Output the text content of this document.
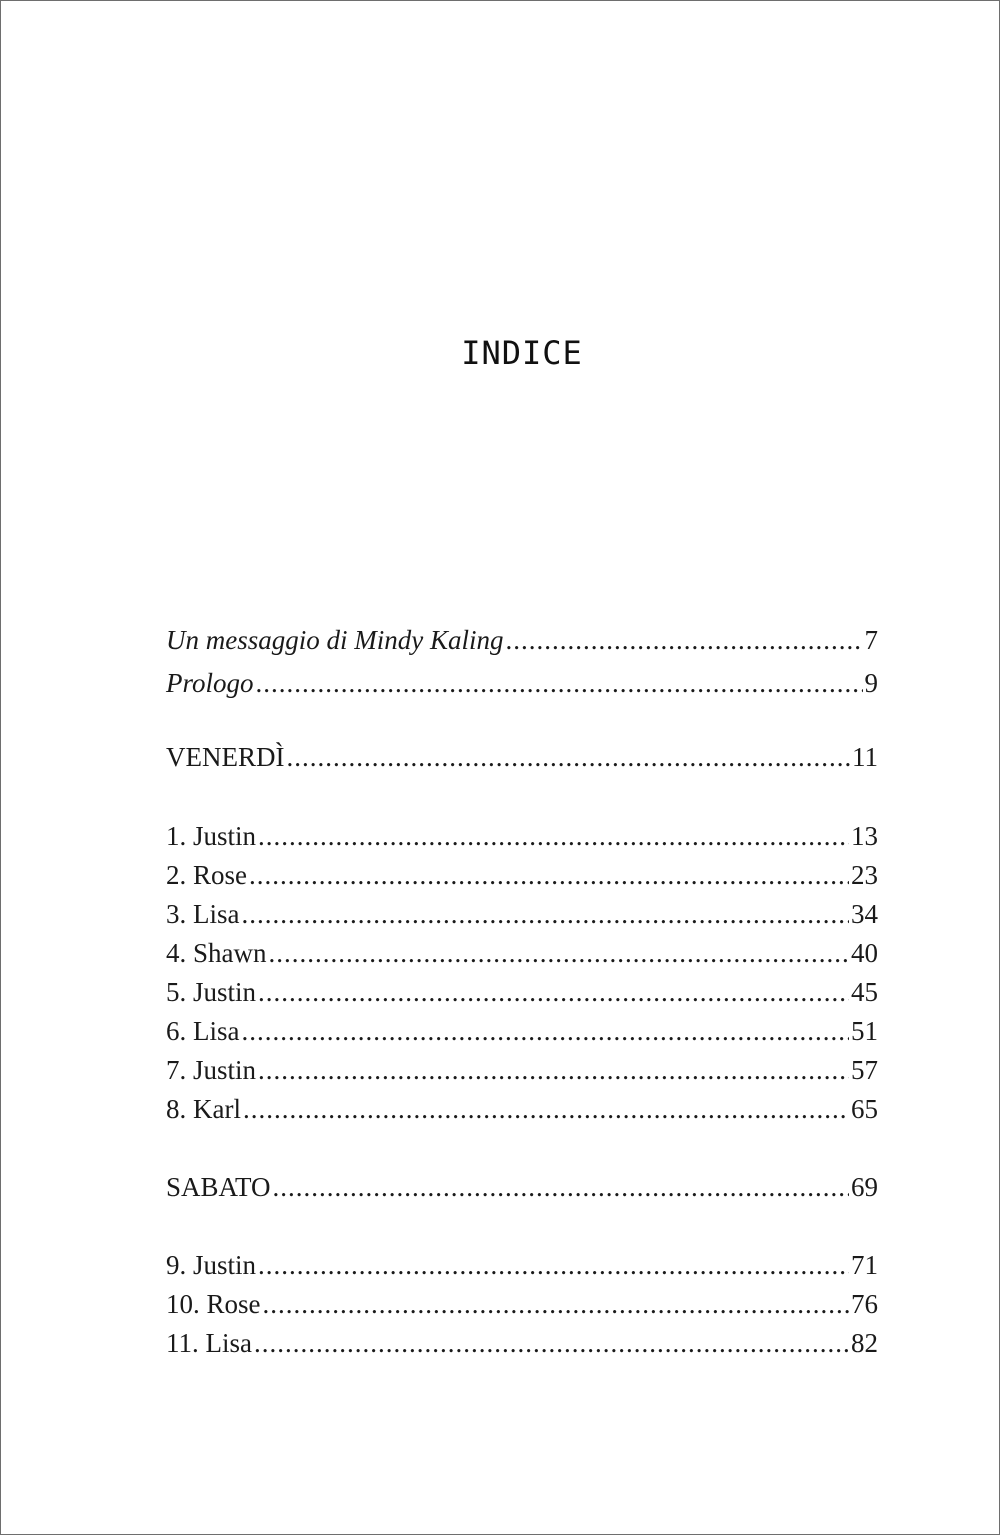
INDICE
Un messaggio di Mindy Kaling .....	7
Prologo .....	9
VENERDÌ .....	11
1. Justin .....	13
2. Rose .....	23
3. Lisa .....	34
4. Shawn .....	40
5. Justin .....	45
6. Lisa .....	51
7. Justin .....	57
8. Karl .....	65
SABATO .....	69
9. Justin .....	71
10. Rose .....	76
11. Lisa .....	82
